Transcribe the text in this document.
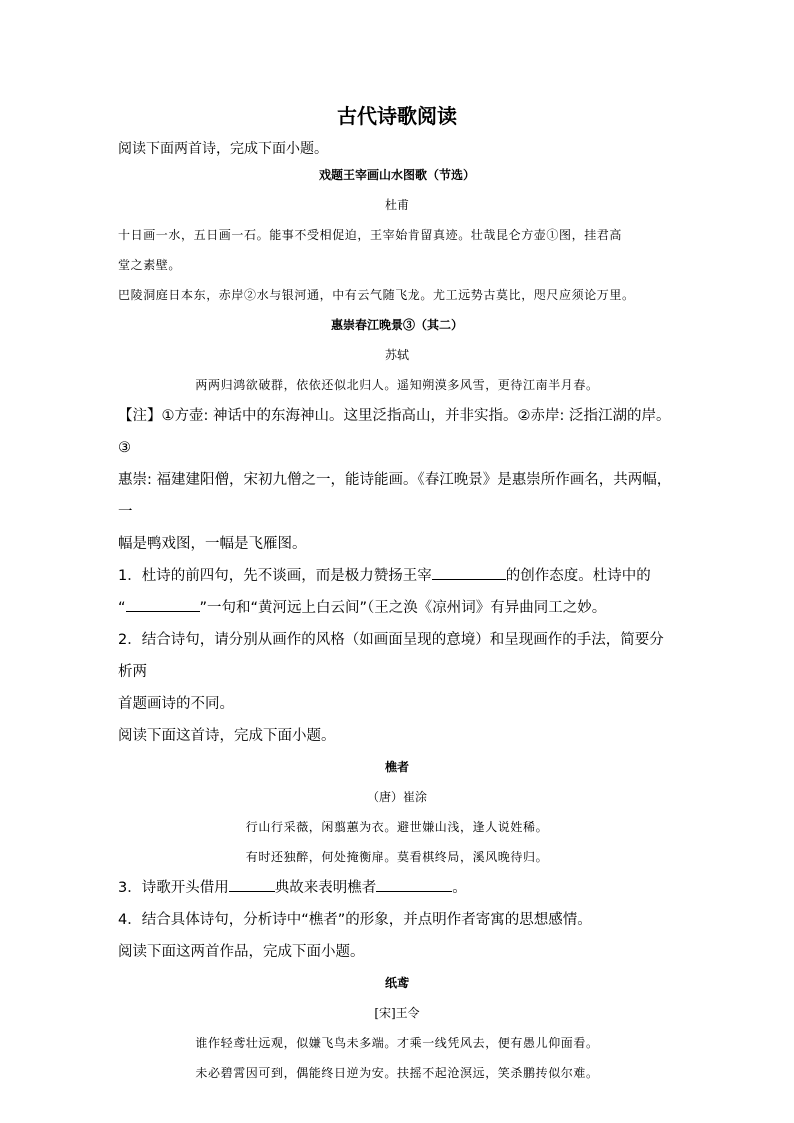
古代诗歌阅读

阅读下面两首诗，完成下面小题。

戏题王宰画山水图歌（节选）

杜甫

十日画一水，五日画一石。能事不受相促迫，王宰始肯留真迹。壮哉昆仑方壶①图，挂君高

堂之素壁。

巴陵洞庭日本东，赤岸②水与银河通，中有云气随飞龙。尤工远势古莫比，咫尺应须论万里。

惠崇春江晚景③（其二）

苏轼

两两归鸿欲破群，依依还似北归人。遥知朔漠多风雪，更待江南半月春。

【注】①方壶: 神话中的东海神山。这里泛指高山，并非实指。②赤岸: 泛指江湖的岸。③

惠崇: 福建建阳僧，宋初九僧之一，能诗能画。《春江晚景》是惠崇所作画名，共两幅，一

幅是鸭戏图，一幅是飞雁图。

1．杜诗的前四句，先不谈画，而是极力赞扬王宰	的创作态度。杜诗中的

“	”一句和“黄河远上白云间”（王之涣《凉州词》有异曲同工之妙。

2．结合诗句，请分别从画作的风格（如画面呈现的意境）和呈现画作的手法，简要分析两

首题画诗的不同。

阅读下面这首诗，完成下面小题。

樵者

（唐）崔涂

行山行采薇，闲翦蕙为衣。避世嫌山浅，逢人说姓稀。

有时还独醉，何处掩衡扉。莫看棋终局，溪风晚待归。

3．诗歌开头借用	典故来表明樵者	。

4．结合具体诗句，分析诗中“樵者”的形象，并点明作者寄寓的思想感情。

阅读下面这两首作品，完成下面小题。

纸鸢

[宋]王令

谁作轻鸢壮远观，似嫌飞鸟未多端。才乘一线凭风去，便有愚儿仰面看。

未必碧霄因可到，偶能终日逆为安。扶摇不起沧溟远，笑杀鹏抟似尔难。
